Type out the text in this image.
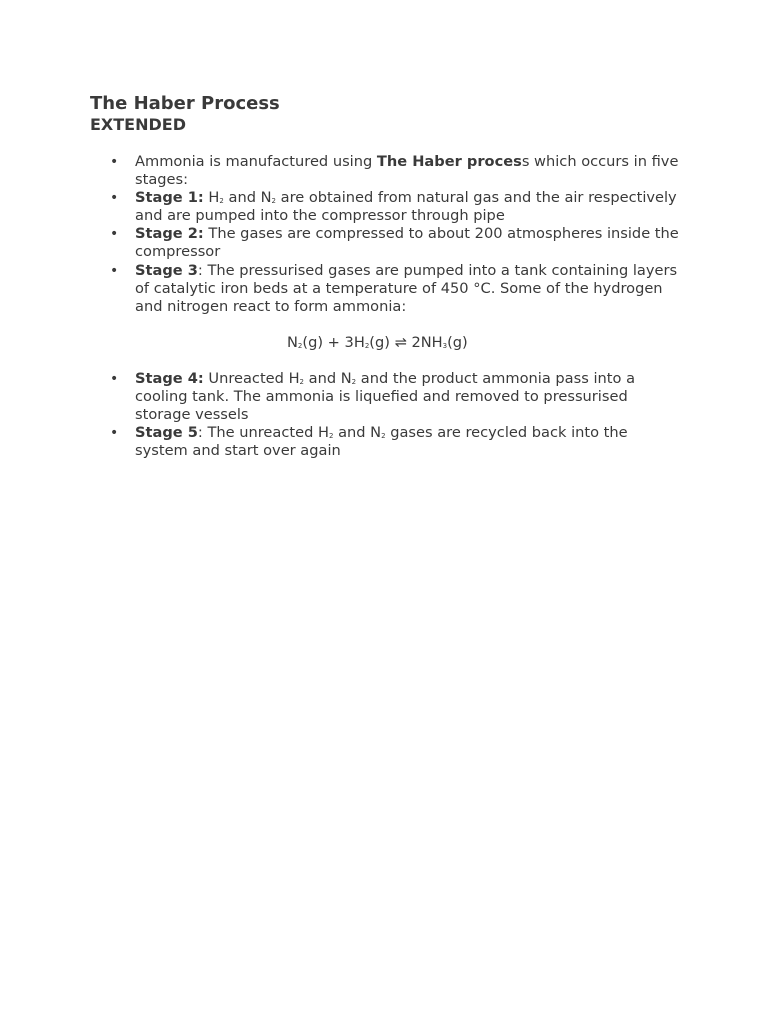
The Haber Process
EXTENDED
• Ammonia is manufactured using The Haber process which occurs in five stages:
• Stage 1: $H_2$ and $N_2$ are obtained from natural gas and the air respectively and are pumped into the compressor through pipe
• Stage 2: The gases are compressed to about 200 atmospheres inside the compressor
• Stage 3: The pressurised gases are pumped into a tank containing layers of catalytic iron beds at a temperature of 450 °C. Some of the hydrogen and nitrogen react to form ammonia:
$N_2(g) + 3H_2(g)$ ⇌ $2NH_3(g)$
• Stage 4: Unreacted $H_2$ and $N_2$ and the product ammonia pass into a cooling tank. The ammonia is liquefied and removed to pressurised storage vessels
• Stage 5: The unreacted $H_2$ and $N_2$ gases are recycled back into the system and start over again
